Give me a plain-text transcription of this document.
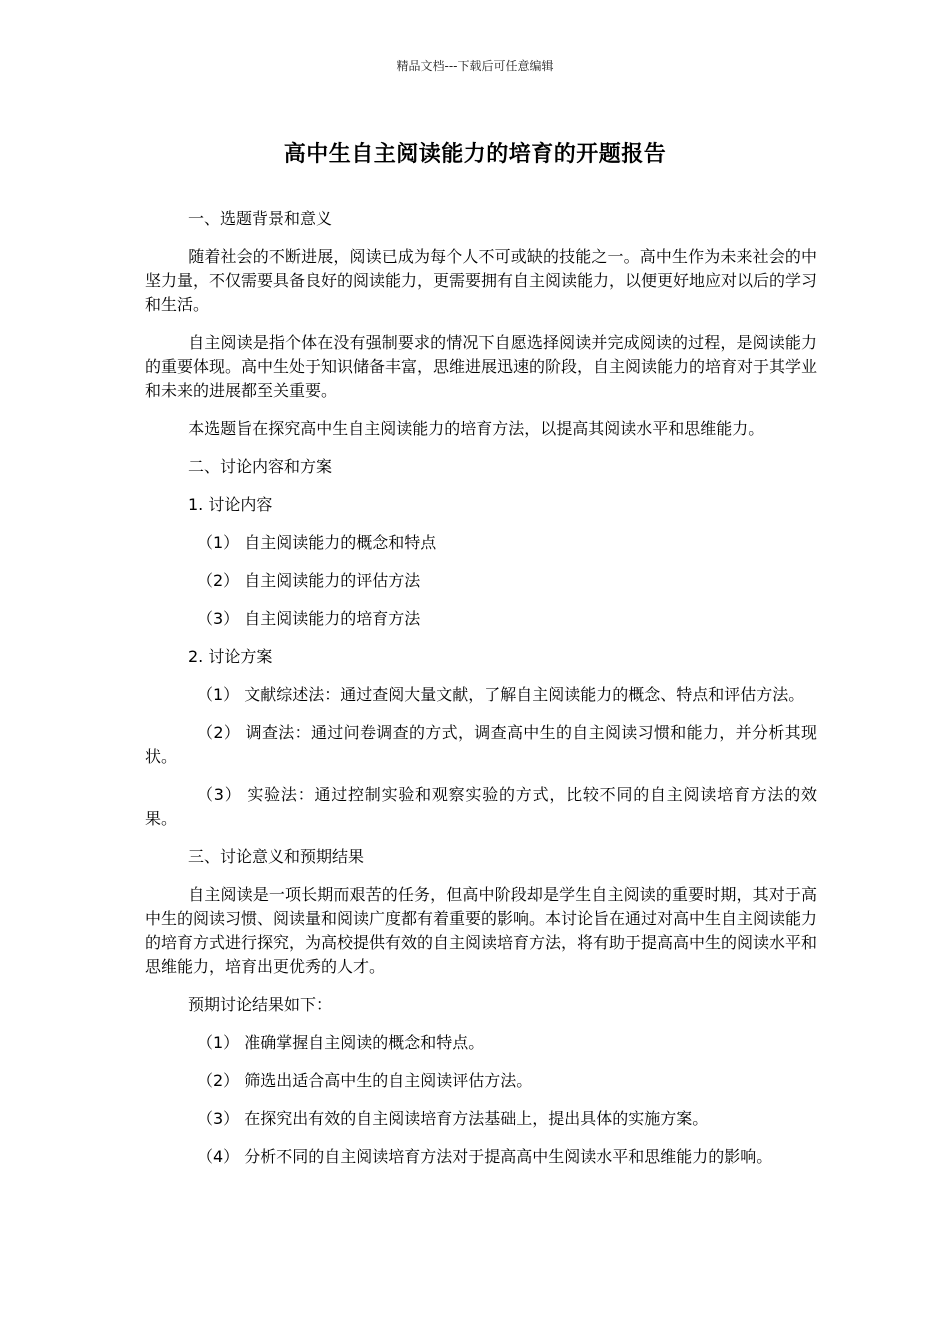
精品文档---下载后可任意编辑
高中生自主阅读能力的培育的开题报告
一、选题背景和意义

随着社会的不断进展，阅读已成为每个人不可或缺的技能之一。高中生作为未来社会的中坚力量，不仅需要具备良好的阅读能力，更需要拥有自主阅读能力，以便更好地应对以后的学习和生活。

自主阅读是指个体在没有强制要求的情况下自愿选择阅读并完成阅读的过程，是阅读能力的重要体现。高中生处于知识储备丰富，思维进展迅速的阶段，自主阅读能力的培育对于其学业和未来的进展都至关重要。

本选题旨在探究高中生自主阅读能力的培育方法，以提高其阅读水平和思维能力。

二、讨论内容和方案
1. 讨论内容
（1） 自主阅读能力的概念和特点
（2） 自主阅读能力的评估方法
（3） 自主阅读能力的培育方法
2. 讨论方案

（1） 文献综述法：通过查阅大量文献，了解自主阅读能力的概念、特点和评估方法。

（2） 调查法：通过问卷调查的方式，调查高中生的自主阅读习惯和能力，并分析其现状。

（3） 实验法：通过控制实验和观察实验的方式，比较不同的自主阅读培育方法的效果。

三、讨论意义和预期结果

自主阅读是一项长期而艰苦的任务，但高中阶段却是学生自主阅读的重要时期，其对于高中生的阅读习惯、阅读量和阅读广度都有着重要的影响。本讨论旨在通过对高中生自主阅读能力的培育方式进行探究，为高校提供有效的自主阅读培育方法，将有助于提高高中生的阅读水平和思维能力，培育出更优秀的人才。

预期讨论结果如下：
（1） 准确掌握自主阅读的概念和特点。
（2） 筛选出适合高中生的自主阅读评估方法。
（3） 在探究出有效的自主阅读培育方法基础上，提出具体的实施方案。
（4） 分析不同的自主阅读培育方法对于提高高中生阅读水平和思维能力的影响。
